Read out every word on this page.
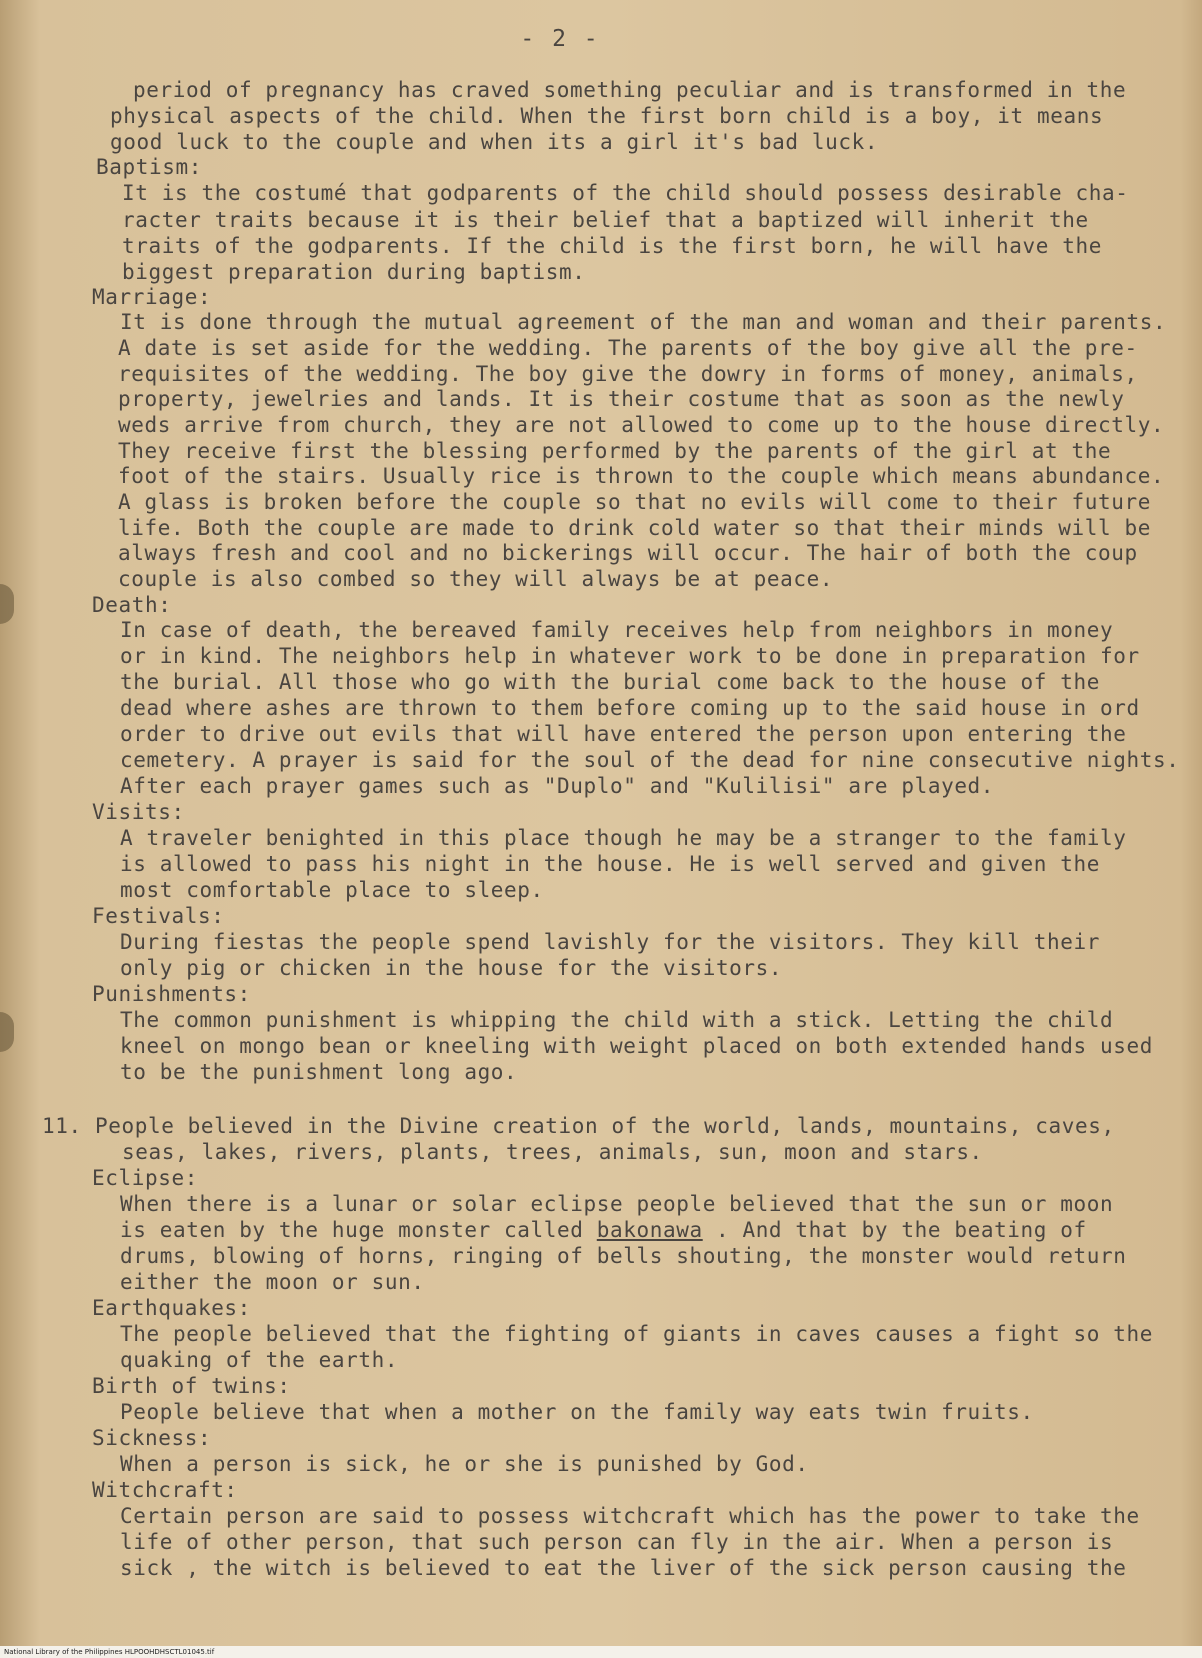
- 2 -
period of pregnancy has craved something peculiar and is transformed in the
physical aspects of the child. When the first born child is a boy, it means
good luck to the couple and when its a girl it's bad luck.
Baptism:
It is the costumé that godparents of the child should possess desirable cha-
racter traits because it is their belief that a baptized will inherit the
traits of the godparents. If the child is the first born, he will have the
biggest preparation during baptism.
Marriage:
It is done through the mutual agreement of the man and woman and their parents.
A date is set aside for the wedding. The parents of the boy give all the pre-
requisites of the wedding. The boy give the dowry in forms of money, animals,
property, jewelries and lands. It is their costume that as soon as the newly
weds arrive from church, they are not allowed to come up to the house directly.
They receive first the blessing performed by the parents of the girl at the
foot of the stairs. Usually rice is thrown to the couple which means abundance.
A glass is broken before the couple so that no evils will come to their future
life. Both the couple are made to drink cold water so that their minds will be
always fresh and cool and no bickerings will occur. The hair of both the coup
couple is also combed so they will always be at peace.
Death:
In case of death, the bereaved family receives help from neighbors in money
or in kind. The neighbors help in whatever work to be done in preparation for
the burial. All those who go with the burial come back to the house of the
dead where ashes are thrown to them before coming up to the said house in ord
order to drive out evils that will have entered the person upon entering the
cemetery. A prayer is said for the soul of the dead for nine consecutive nights.
After each prayer games such as "Duplo" and "Kulilisi" are played.
Visits:
A traveler benighted in this place though he may be a stranger to the family
is allowed to pass his night in the house. He is well served and given the
most comfortable place to sleep.
Festivals:
During fiestas the people spend lavishly for the visitors. They kill their
only pig or chicken in the house for the visitors.
Punishments:
The common punishment is whipping the child with a stick. Letting the child
kneel on mongo bean or kneeling with weight placed on both extended hands used
to be the punishment long ago.
11. People believed in the Divine creation of the world, lands, mountains, caves,
seas, lakes, rivers, plants, trees, animals, sun, moon and stars.
Eclipse:
When there is a lunar or solar eclipse people believed that the sun or moon
is eaten by the huge monster called bakonawa . And that by the beating of
drums, blowing of horns, ringing of bells shouting, the monster would return
either the moon or sun.
Earthquakes:
The people believed that the fighting of giants in caves causes a fight so the
quaking of the earth.
Birth of twins:
People believe that when a mother on the family way eats twin fruits.
Sickness:
When a person is sick, he or she is punished by God.
Witchcraft:
Certain person are said to possess witchcraft which has the power to take the
life of other person, that such person can fly in the air. When a person is
sick , the witch is believed to eat the liver of the sick person causing the
National Library of the Philippines HLPOOHDHSCTL01045.tif
